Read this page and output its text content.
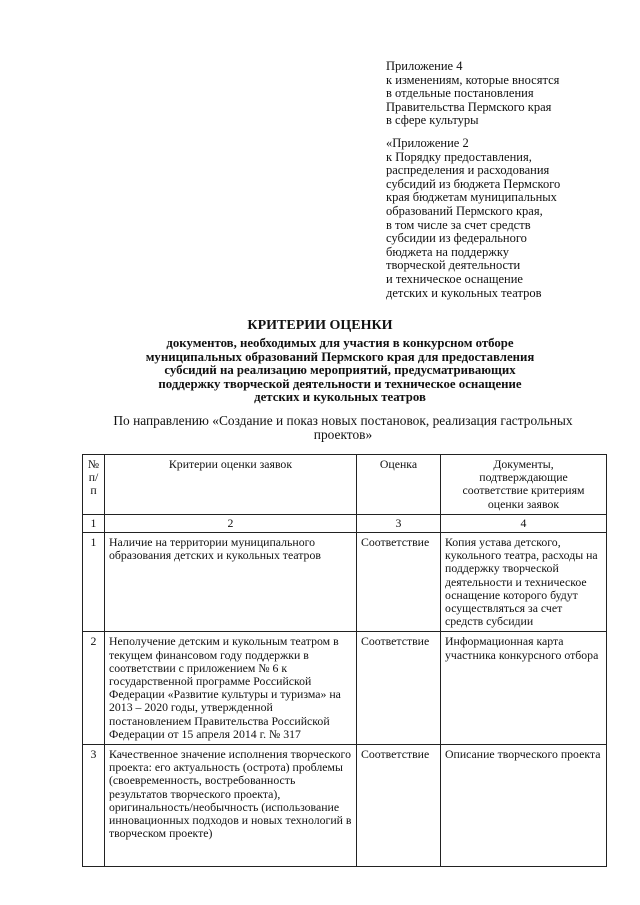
Приложение 4
к изменениям, которые вносятся
в отдельные постановления
Правительства Пермского края
в сфере культуры
«Приложение 2
к Порядку предоставления,
распределения и расходования
субсидий из бюджета Пермского
края бюджетам муниципальных
образований Пермского края,
в том числе за счет средств
субсидии из федерального
бюджета на поддержку
творческой деятельности
и техническое оснащение
детских и кукольных театров
КРИТЕРИИ ОЦЕНКИ
документов, необходимых для участия в конкурсном отборе
муниципальных образований Пермского края для предоставления
субсидий на реализацию мероприятий, предусматривающих
поддержку творческой деятельности и техническое оснащение
детских и кукольных театров
По направлению «Создание и показ новых постановок, реализация гастрольных
проектов»
№
п/п	Критерии оценки заявок	Оценка	Документы,
подтверждающие
соответствие критериям
оценки заявок
1	2	3	4
1	Наличие на территории муниципального образования детских и кукольных театров	Соответствие	Копия устава детского, кукольного театра, расходы на поддержку творческой деятельности и техническое оснащение которого будут осуществляться за счет средств субсидии
2	Неполучение детским и кукольным театром в текущем финансовом году поддержки в соответствии с приложением № 6 к государственной программе Российской Федерации «Развитие культуры и туризма» на 2013 – 2020 годы, утвержденной постановлением Правительства Российской Федерации от 15 апреля 2014 г. № 317	Соответствие	Информационная карта участника конкурсного отбора
3	Качественное значение исполнения творческого проекта: его актуальность (острота) проблемы (своевременность, востребованность результатов творческого проекта), оригинальность/необычность (использование инновационных подходов и новых технологий в творческом проекте)	Соответствие	Описание творческого проекта
